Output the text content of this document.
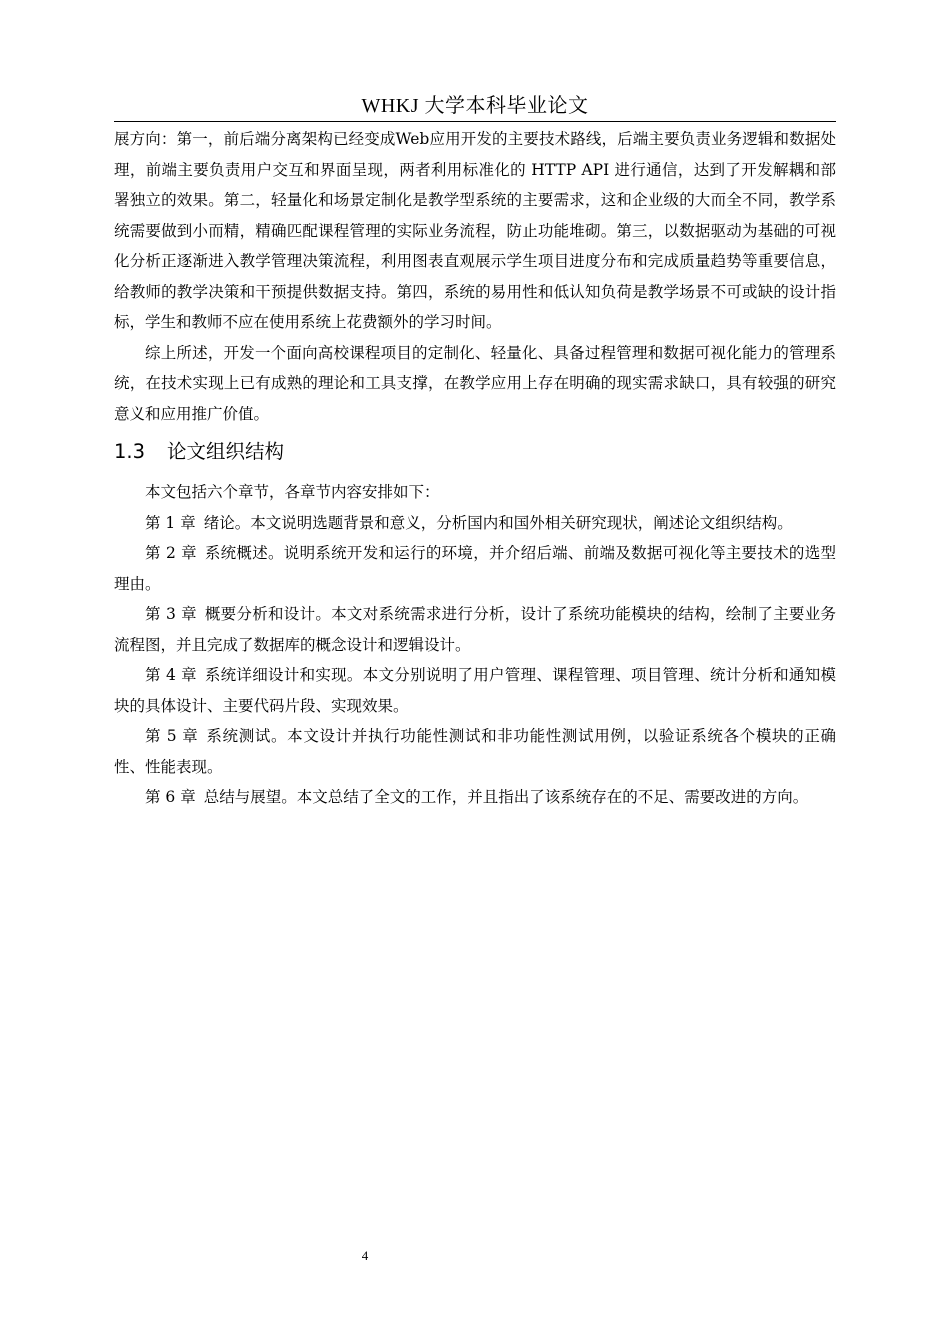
WHKJ 大学本科毕业论文

展方向：第一，前后端分离架构已经变成Web应用开发的主要技术路线，后端主要负责业务逻辑和数据处理，前端主要负责用户交互和界面呈现，两者利用标准化的 HTTP API 进行通信，达到了开发解耦和部署独立的效果。第二，轻量化和场景定制化是教学型系统的主要需求，这和企业级的大而全不同，教学系统需要做到小而精，精确匹配课程管理的实际业务流程，防止功能堆砌。第三，以数据驱动为基础的可视化分析正逐渐进入教学管理决策流程，利用图表直观展示学生项目进度分布和完成质量趋势等重要信息，给教师的教学决策和干预提供数据支持。第四，系统的易用性和低认知负荷是教学场景不可或缺的设计指标，学生和教师不应在使用系统上花费额外的学习时间。

综上所述，开发一个面向高校课程项目的定制化、轻量化、具备过程管理和数据可视化能力的管理系统，在技术实现上已有成熟的理论和工具支撑，在教学应用上存在明确的现实需求缺口，具有较强的研究意义和应用推广价值。

1.3 论文组织结构

本文包括六个章节，各章节内容安排如下：

第 1 章 绪论。本文说明选题背景和意义，分析国内和国外相关研究现状，阐述论文组织结构。

第 2 章 系统概述。说明系统开发和运行的环境，并介绍后端、前端及数据可视化等主要技术的选型理由。

第 3 章 概要分析和设计。本文对系统需求进行分析，设计了系统功能模块的结构，绘制了主要业务流程图，并且完成了数据库的概念设计和逻辑设计。

第 4 章 系统详细设计和实现。本文分别说明了用户管理、课程管理、项目管理、统计分析和通知模块的具体设计、主要代码片段、实现效果。

第 5 章 系统测试。本文设计并执行功能性测试和非功能性测试用例，以验证系统各个模块的正确性、性能表现。

第 6 章 总结与展望。本文总结了全文的工作，并且指出了该系统存在的不足、需要改进的方向。

4
